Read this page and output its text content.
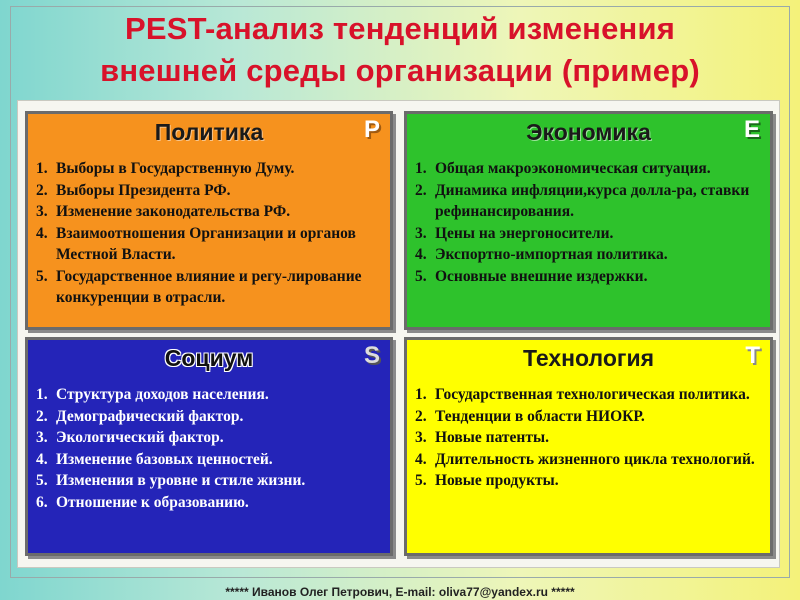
PEST-анализ тенденций изменения
внешней среды организации (пример)
Политика	P
1. Выборы в Государственную Думу.
2. Выборы Президента РФ.
3. Изменение законодательства РФ.
4. Взаимоотношения Организации и органов Местной Власти.
5. Государственное влияние и регу-лирование конкуренции в отрасли.
Экономика	E
1. Общая макроэкономическая ситуация.
2. Динамика инфляции,курса долла-ра, ставки рефинансирования.
3. Цены на энергоносители.
4. Экспортно-импортная политика.
5. Основные внешние издержки.
Социум	S
1. Структура доходов населения.
2. Демографический фактор.
3. Экологический фактор.
4. Изменение базовых ценностей.
5. Изменения в уровне и стиле жизни.
6. Отношение к образованию.
Технология	T
1. Государственная технологическая политика.
2. Тенденции в области НИОКР.
3. Новые патенты.
4. Длительность жизненного цикла технологий.
5. Новые продукты.
***** Иванов Олег Петрович, E-mail: oliva77@yandex.ru *****
